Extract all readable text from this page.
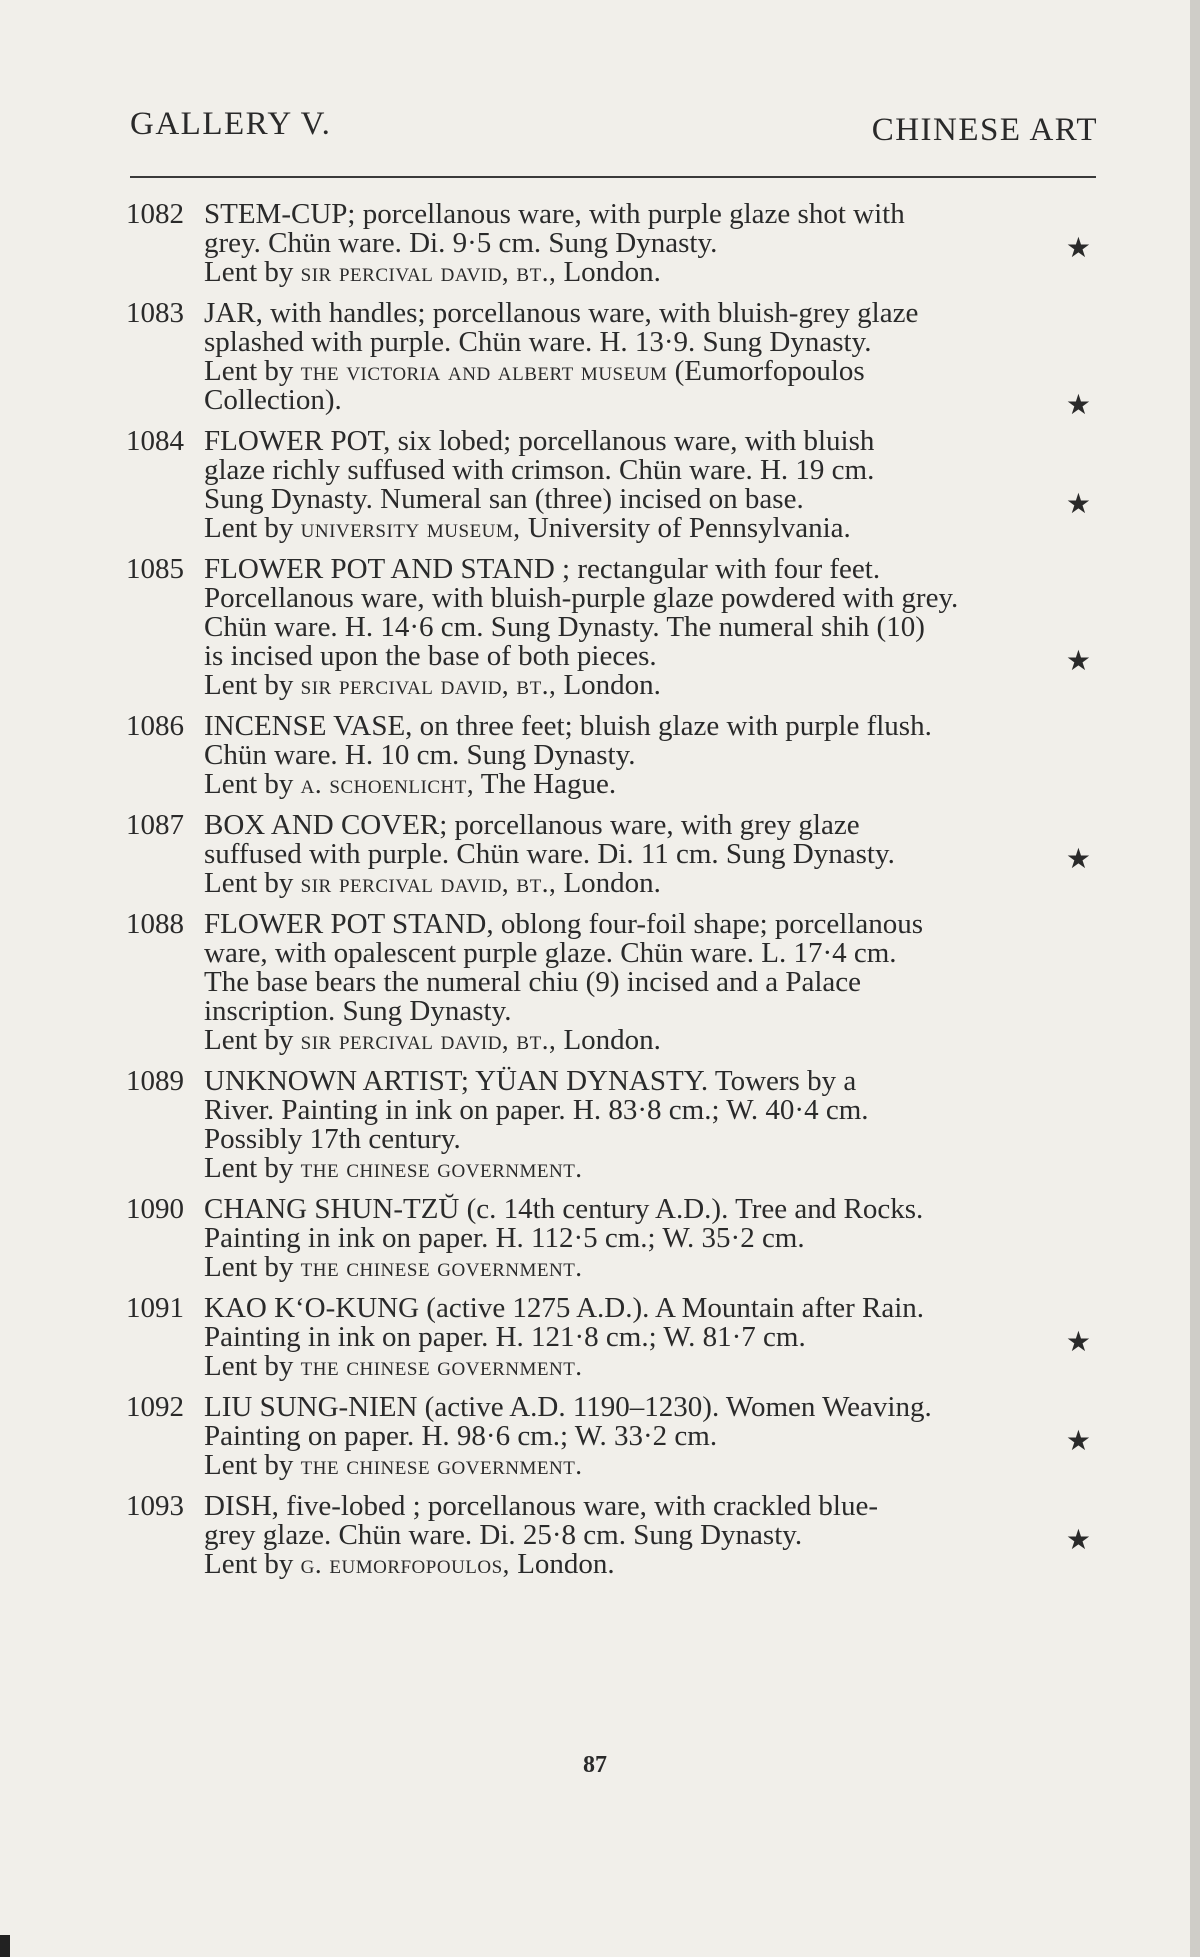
GALLERY V.	CHINESE ART
1082 STEM-CUP; porcellanous ware, with purple glaze shot with
grey. Chün ware. Di. 9·5 cm. Sung Dynasty.
Lent by sir percival david, bt., London.
★
1083 JAR, with handles; porcellanous ware, with bluish-grey glaze
splashed with purple. Chün ware. H. 13·9. Sung Dynasty.
Lent by the victoria and albert museum (Eumorfopoulos
Collection).	★
1084 FLOWER POT, six lobed; porcellanous ware, with bluish
glaze richly suffused with crimson. Chün ware. H. 19 cm.
Sung Dynasty. Numeral san (three) incised on base.
Lent by university museum, University of Pennsylvania.
★
1085 FLOWER POT AND STAND ; rectangular with four feet.
Porcellanous ware, with bluish-purple glaze powdered with grey.
Chün ware. H. 14·6 cm. Sung Dynasty. The numeral shih (10)
is incised upon the base of both pieces.
Lent by sir percival david, bt., London.
★
1086 INCENSE VASE, on three feet; bluish glaze with purple flush.
Chün ware. H. 10 cm. Sung Dynasty.
Lent by a. schoenlicht, The Hague.
1087 BOX AND COVER; porcellanous ware, with grey glaze
suffused with purple. Chün ware. Di. 11 cm. Sung Dynasty.
Lent by sir percival david, bt., London.
★
1088 FLOWER POT STAND, oblong four-foil shape; porcellanous
ware, with opalescent purple glaze. Chün ware. L. 17·4 cm.
The base bears the numeral chiu (9) incised and a Palace
inscription. Sung Dynasty.
Lent by sir percival david, bt., London.
1089 UNKNOWN ARTIST; YÜAN DYNASTY. Towers by a
River. Painting in ink on paper. H. 83·8 cm.; W. 40·4 cm.
Possibly 17th century.
Lent by the chinese government.
1090 CHANG SHUN-TZŬ (c. 14th century A.D.). Tree and Rocks.
Painting in ink on paper. H. 112·5 cm.; W. 35·2 cm.
Lent by the chinese government.
1091 KAO K‘O-KUNG (active 1275 A.D.). A Mountain after Rain.
Painting in ink on paper. H. 121·8 cm.; W. 81·7 cm.
Lent by the chinese government.
★
1092 LIU SUNG-NIEN (active A.D. 1190–1230). Women Weaving.
Painting on paper. H. 98·6 cm.; W. 33·2 cm.
Lent by the chinese government.
★
1093 DISH, five-lobed ; porcellanous ware, with crackled blue-
grey glaze. Chün ware. Di. 25·8 cm. Sung Dynasty.
Lent by g. eumorfopoulos, London.
★
87
